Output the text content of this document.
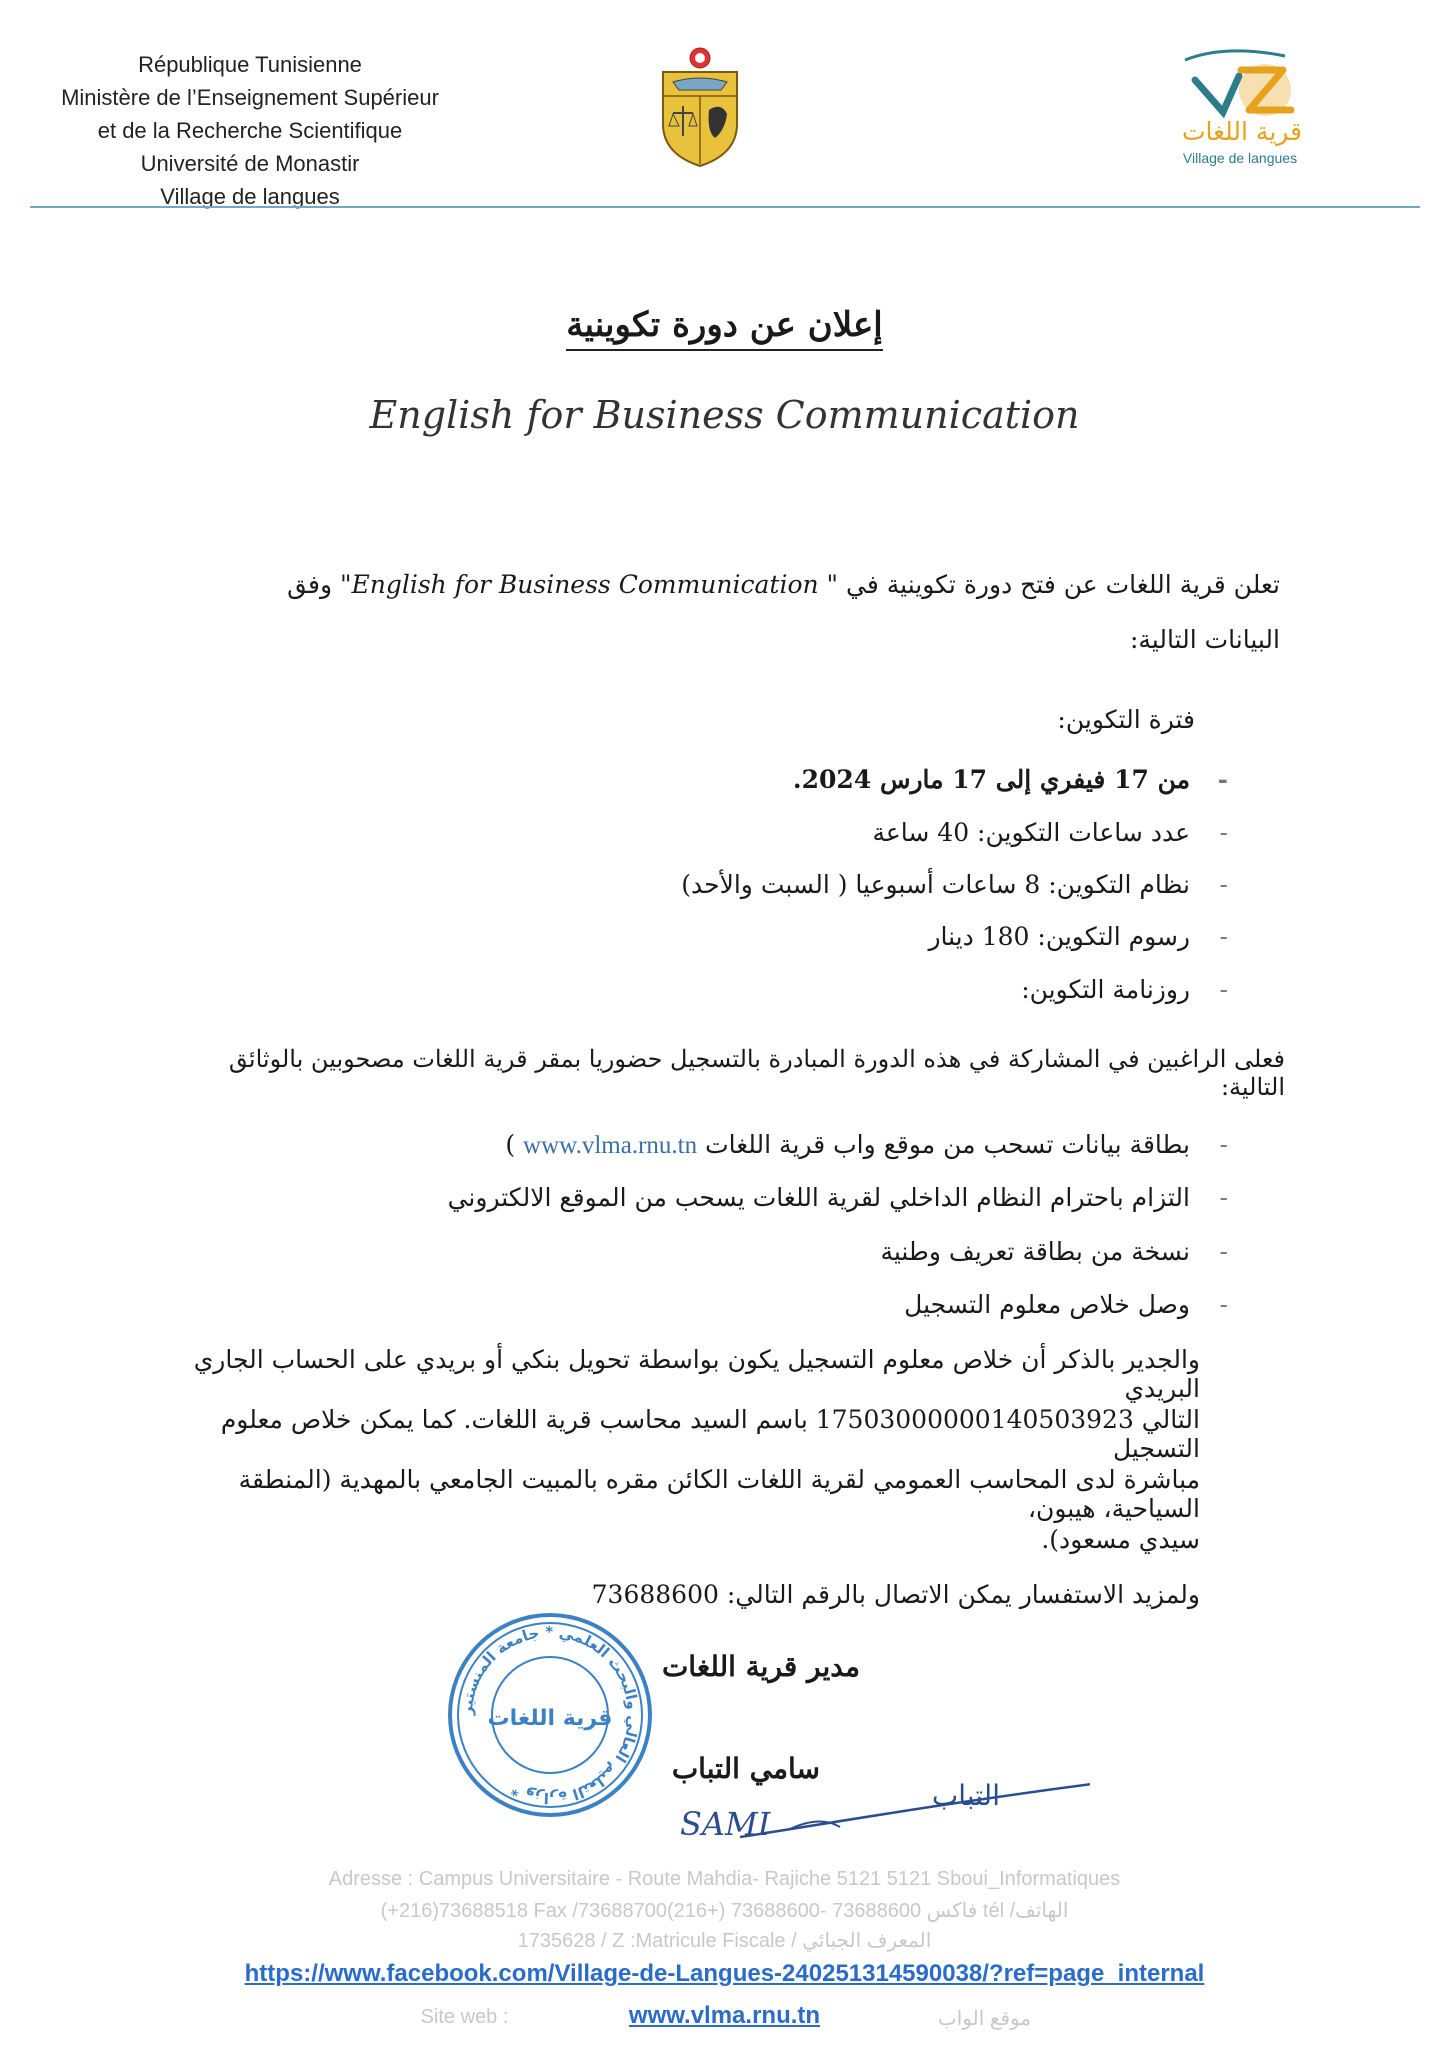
République Tunisienne
Ministère de l’Enseignement Supérieur
et de la Recherche Scientifique
Université de Monastir
Village de langues
قرية اللغات
Village de langues
إعلان عن دورة تكوينية
English for Business Communication
تعلن قرية اللغات عن فتح دورة تكوينية في " English for Business Communication" وفق
البيانات التالية:
فترة التكوين:
-
من 17 فيفري إلى 17 مارس 2024.
-
عدد ساعات التكوين: 40 ساعة
-
نظام التكوين: 8 ساعات أسبوعيا ( السبت والأحد)
-
رسوم التكوين: 180 دينار
-
روزنامة التكوين:
فعلى الراغبين في المشاركة في هذه الدورة المبادرة بالتسجيل حضوريا بمقر قرية اللغات مصحوبين بالوثائق التالية:
-
بطاقة بيانات تسحب من موقع واب قرية اللغات www.vlma.rnu.tn )
-
التزام باحترام النظام الداخلي لقرية اللغات يسحب من الموقع الالكتروني
-
نسخة من بطاقة تعريف وطنية
-
وصل خلاص معلوم التسجيل
والجدير بالذكر أن خلاص معلوم التسجيل يكون بواسطة تحويل بنكي أو بريدي على الحساب الجاري البريدي
التالي 17503000000140503923 باسم السيد محاسب قرية اللغات. كما يمكن خلاص معلوم التسجيل
مباشرة لدى المحاسب العمومي لقرية اللغات الكائن مقره بالمبيت الجامعي بالمهدية (المنطقة السياحية، هيبون،
سيدي مسعود).
ولمزيد الاستفسار يمكن الاتصال بالرقم التالي: 73688600
وزارة التعليم العالي والبحث العلمي * جامعة المنستير *
قرية اللغات
مدير قرية اللغات
سامي التباب
SAMI
التباب
Adresse : Campus Universitaire - Route Mahdia- Rajiche 5121 5121 Sboui_Informatiques
(+216)73688518 Fax /فاكس 73688600 -73688600 (+216)73688700 tél /الهاتف
1735628 / Z :Matricule Fiscale / المعرف الجبائي
https://www.facebook.com/Village-de-Langues-240251314590038/?ref=page_internal
Site web :	www.vlma.rnu.tn	موقع الواب
